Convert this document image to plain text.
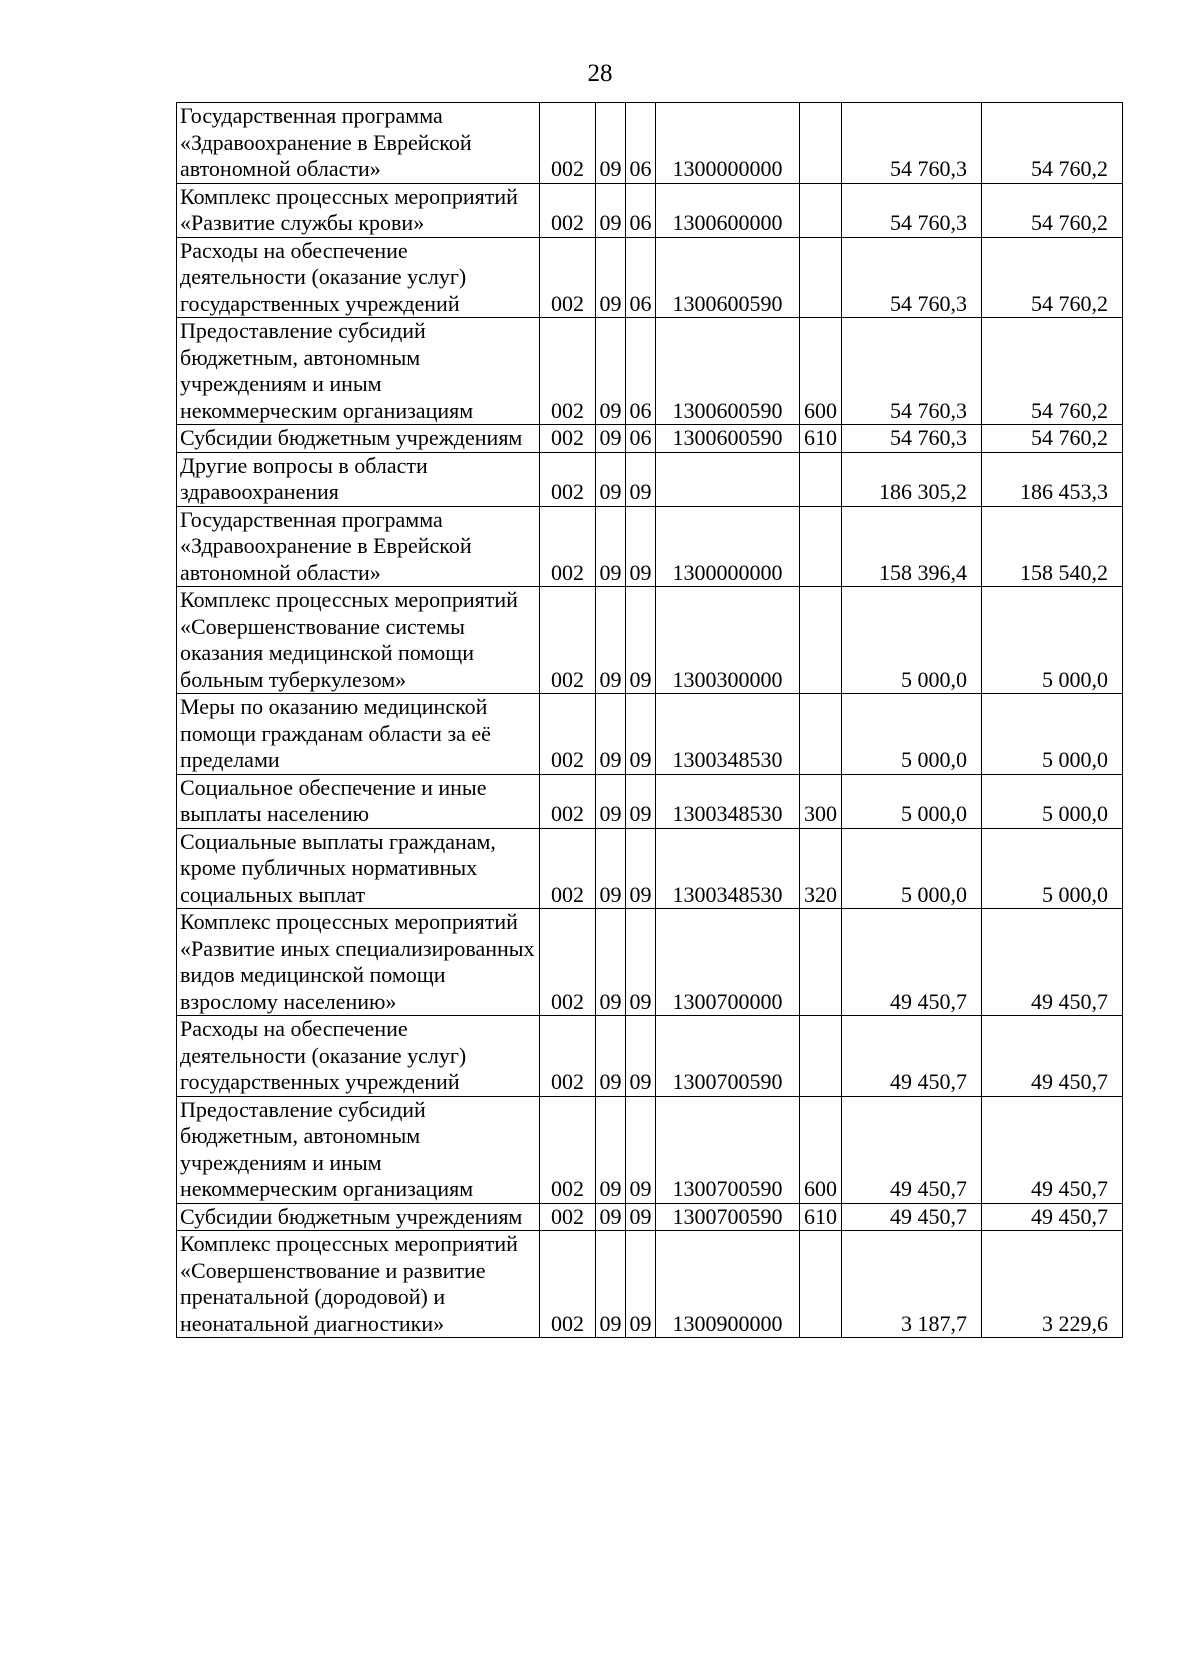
28
Государственная программа «Здравоохранение в Еврейской автономной области»	002	09	06	1300000000		54 760,3	54 760,2
Комплекс процессных мероприятий «Развитие службы крови»	002	09	06	1300600000		54 760,3	54 760,2
Расходы на обеспечение деятельности (оказание услуг) государственных учреждений	002	09	06	1300600590		54 760,3	54 760,2
Предоставление субсидий бюджетным, автономным учреждениям и иным некоммерческим организациям	002	09	06	1300600590	600	54 760,3	54 760,2
Субсидии бюджетным учреждениям	002	09	06	1300600590	610	54 760,3	54 760,2
Другие вопросы в области здравоохранения	002	09	09			186 305,2	186 453,3
Государственная программа «Здравоохранение в Еврейской автономной области»	002	09	09	1300000000		158 396,4	158 540,2
Комплекс процессных мероприятий «Совершенствование системы оказания медицинской помощи больным туберкулезом»	002	09	09	1300300000		5 000,0	5 000,0
Меры по оказанию медицинской помощи гражданам области за её пределами	002	09	09	1300348530		5 000,0	5 000,0
Социальное обеспечение и иные выплаты населению	002	09	09	1300348530	300	5 000,0	5 000,0
Социальные выплаты гражданам, кроме публичных нормативных социальных выплат	002	09	09	1300348530	320	5 000,0	5 000,0
Комплекс процессных мероприятий «Развитие иных специализированных видов медицинской помощи взрослому населению»	002	09	09	1300700000		49 450,7	49 450,7
Расходы на обеспечение деятельности (оказание услуг) государственных учреждений	002	09	09	1300700590		49 450,7	49 450,7
Предоставление субсидий бюджетным, автономным учреждениям и иным некоммерческим организациям	002	09	09	1300700590	600	49 450,7	49 450,7
Субсидии бюджетным учреждениям	002	09	09	1300700590	610	49 450,7	49 450,7
Комплекс процессных мероприятий «Совершенствование и развитие пренатальной (дородовой) и неонатальной диагностики»	002	09	09	1300900000		3 187,7	3 229,6
